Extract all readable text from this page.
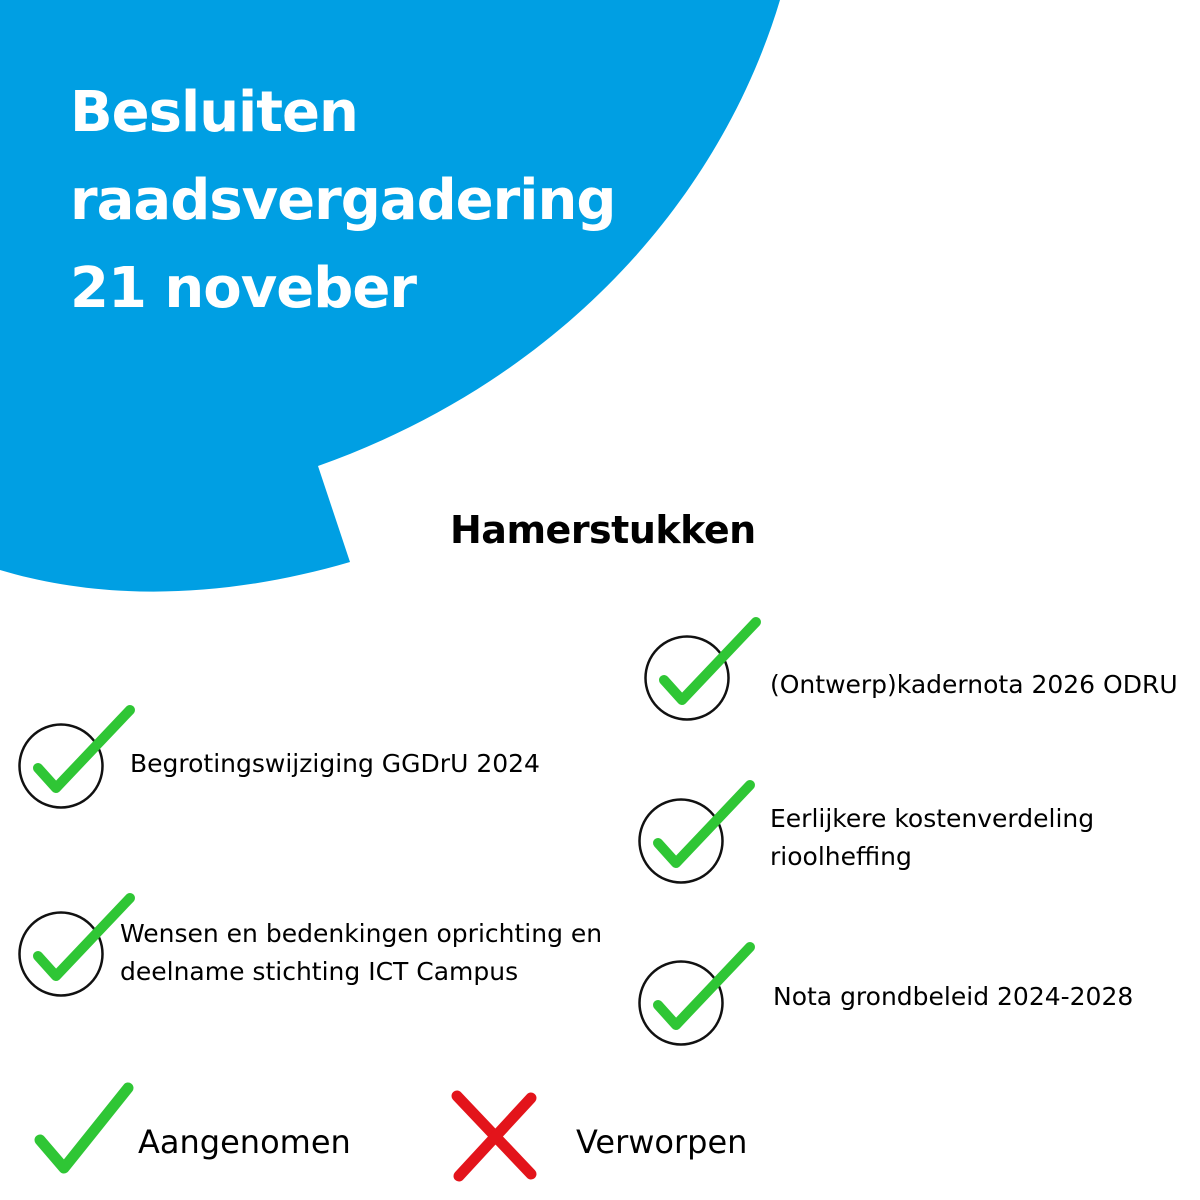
Besluiten
raadsvergadering
21 noveber
Hamerstukken
Begrotingswijziging GGDrU 2024
Wensen en bedenkingen oprichting en
deelname stichting ICT Campus
(Ontwerp)kadernota 2026 ODRU
Eerlijkere kostenverdeling
rioolheffing
Nota grondbeleid 2024-2028
Aangenomen	Verworpen
